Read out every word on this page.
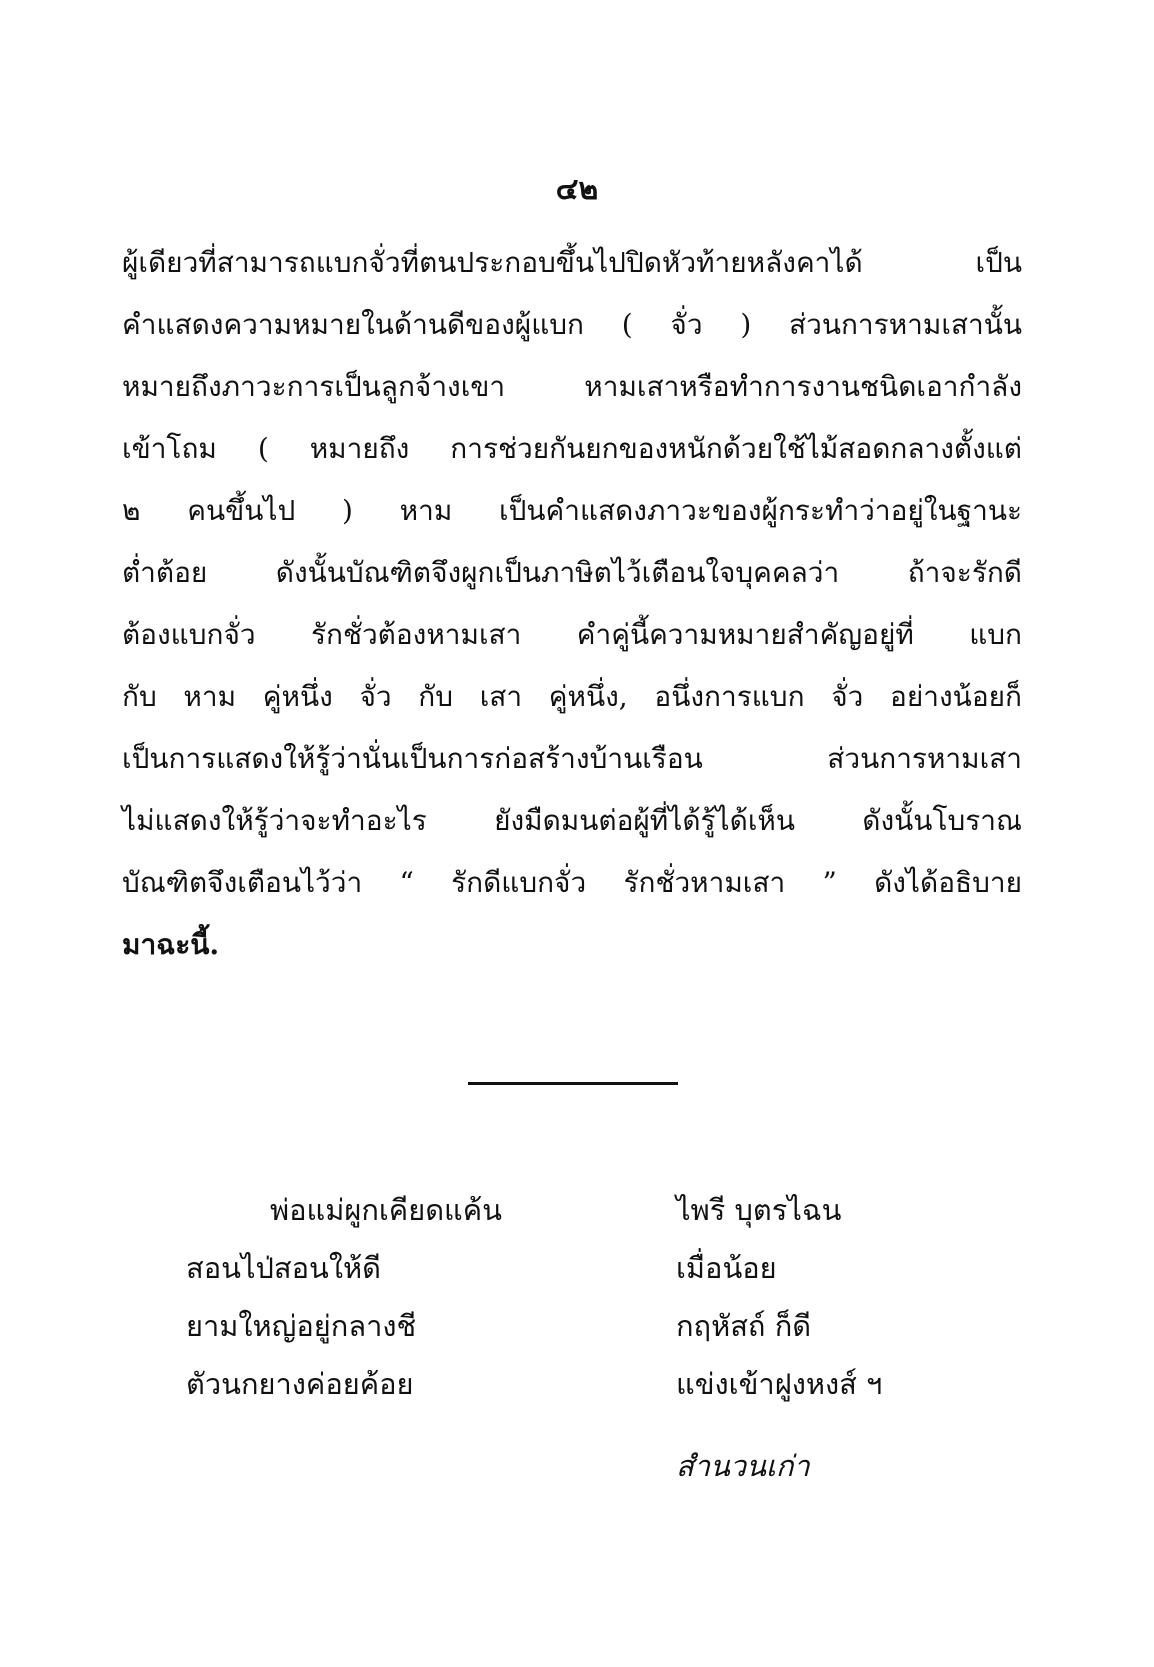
๔๒
ผู้เดียวที่สามารถแบกจั่วที่ตนประกอบขึ้นไปปิดหัวท้ายหลังคาได้ เป็น
คำแสดงความหมายในด้านดีของผู้แบก ( จั่ว ) ส่วนการหามเสานั้น
หมายถึงภาวะการเป็นลูกจ้างเขา หามเสาหรือทำการงานชนิดเอากำลัง
เข้าโถม ( หมายถึง การช่วยกันยกของหนักด้วยใช้ไม้สอดกลางตั้งแต่
๒ คนขึ้นไป ) หาม เป็นคำแสดงภาวะของผู้กระทำว่าอยู่ในฐานะ
ต่ำต้อย ดังนั้นบัณฑิตจึงผูกเป็นภาษิตไว้เตือนใจบุคคลว่า ถ้าจะรักดี
ต้องแบกจั่ว รักชั่วต้องหามเสา คำคู่นี้ความหมายสำคัญอยู่ที่ แบก
กับ หาม คู่หนึ่ง จั่ว กับ เสา คู่หนึ่ง, อนึ่งการแบก จั่ว อย่างน้อยก็
เป็นการแสดงให้รู้ว่านั่นเป็นการก่อสร้างบ้านเรือน ส่วนการหามเสา
ไม่แสดงให้รู้ว่าจะทำอะไร ยังมืดมนต่อผู้ที่ได้รู้ได้เห็น ดังนั้นโบราณ
บัณฑิตจึงเตือนไว้ว่า “ รักดีแบกจั่ว รักชั่วหามเสา ” ดังได้อธิบาย
มาฉะนี้.
พ่อแม่ผูกเคียดแค้น	ไพรี บุตรไฉน
สอนไป่สอนให้ดี	เมื่อน้อย
ยามใหญ่อยู่กลางชี	กฤหัสถ์ ก็ดี
ตัวนกยางค่อยค้อย	แข่งเข้าฝูงหงส์ ฯ
สำนวนเก่า
